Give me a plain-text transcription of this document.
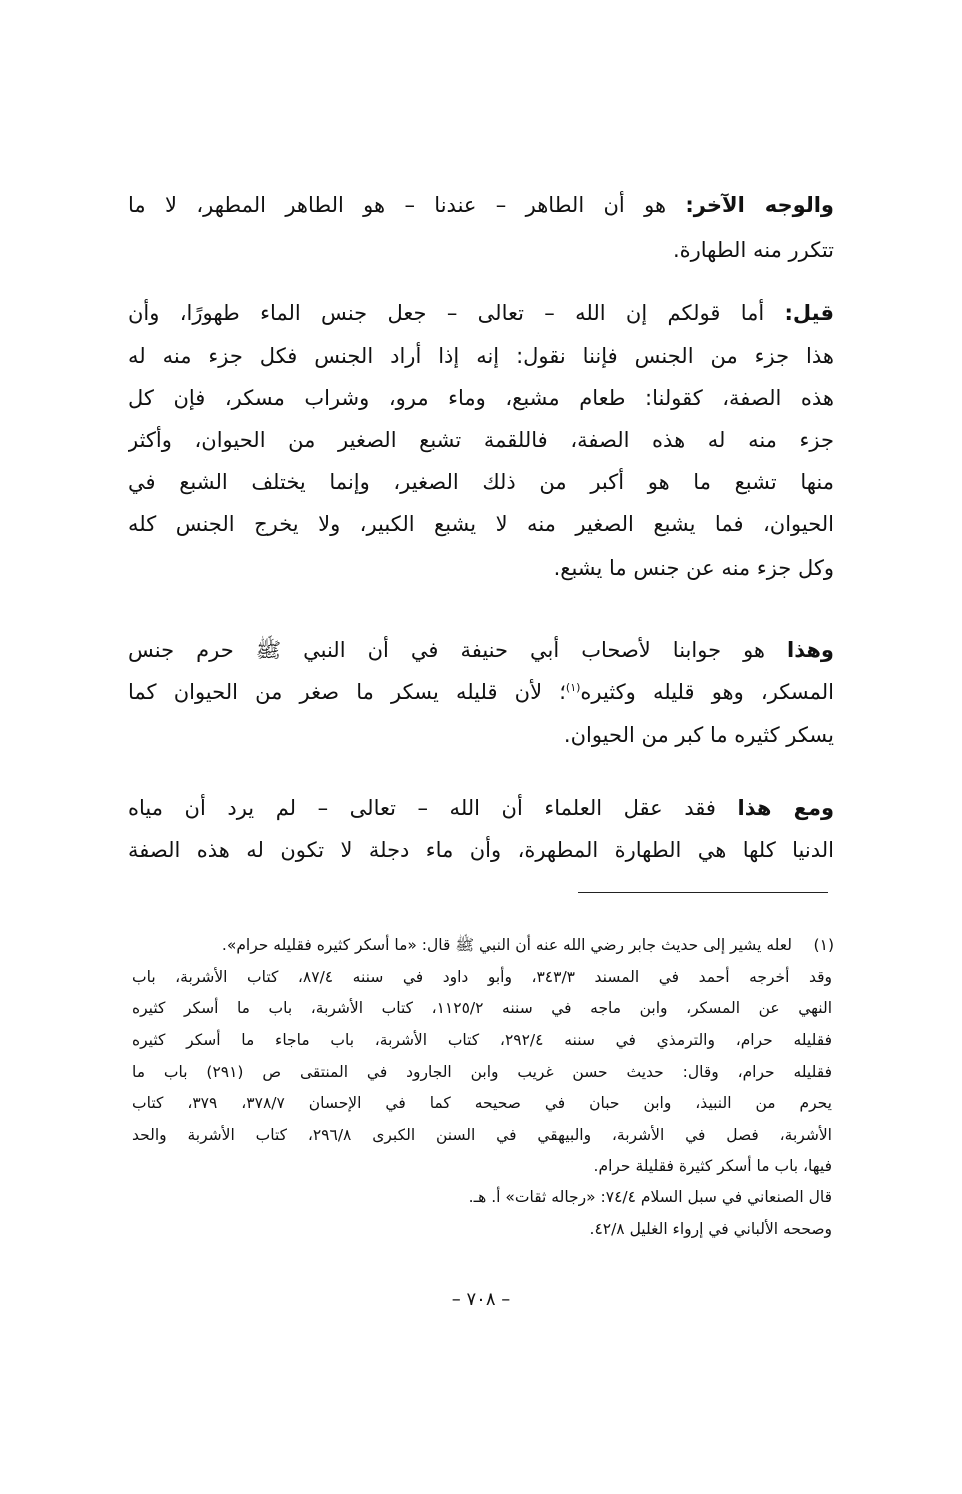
والوجه الآخر: هو أن الطاهر – عندنا – هو الطاهر المطهر، لا ما
تتكرر منه الطهارة.
قيل: أما قولكم إن الله – تعالى – جعل جنس الماء طهورًا، وأن
هذا جزء من الجنس فإننا نقول: إنه إذا أراد الجنس فكل جزء منه له
هذه الصفة، كقولنا: طعام مشبع، وماء مرو، وشراب مسكر، فإن كل
جزء منه له هذه الصفة، فاللقمة تشبع الصغير من الحيوان، وأكثر
منها تشبع ما هو أكبر من ذلك الصغير، وإنما يختلف الشبع في
الحيوان، فما يشبع الصغير منه لا يشبع الكبير، ولا يخرج الجنس كله
وكل جزء منه عن جنس ما يشبع.
وهذا هو جوابنا لأصحاب أبي حنيفة في أن النبي ﷺ حرم جنس
المسكر، وهو قليله وكثيره$^{(١)}$؛ لأن قليله يسكر ما صغر من الحيوان كما
يسكر كثيره ما كبر من الحيوان.
ومع هذا فقد عقل العلماء أن الله – تعالى – لم يرد أن مياه
الدنيا كلها هي الطهارة المطهرة، وأن ماء دجلة لا تكون له هذه الصفة
(١)
لعله يشير إلى حديث جابر رضي الله عنه أن النبي ﷺ قال: «ما أسكر كثيره فقليله حرام».
وقد أخرجه أحمد في المسند ٣٤٣/٣، وأبو داود في سننه ٨٧/٤، كتاب الأشربة، باب
النهي عن المسكر، وابن ماجه في سننه ١١٢٥/٢، كتاب الأشربة، باب ما أسكر كثيره
فقليله حرام، والترمذي في سننه ٢٩٢/٤، كتاب الأشربة، باب ماجاء ما أسكر كثيره
فقليله حرام، وقال: حديث حسن غريب وابن الجارود في المنتقى ص (٢٩١) باب ما
يحرم من النبيذ، وابن حبان في صحيحه كما في الإحسان ٣٧٨/٧، ٣٧٩، كتاب
الأشربة، فصل في الأشربة، والبيهقي في السنن الكبرى ٢٩٦/٨، كتاب الأشربة والحد
فيها، باب ما أسكر كثيرة فقليلة حرام.
قال الصنعاني في سبل السلام ٧٤/٤: «رجاله ثقات» أ. هـ.
وصححه الألباني في إرواء الغليل ٤٢/٨.
– ٧٠٨ –
